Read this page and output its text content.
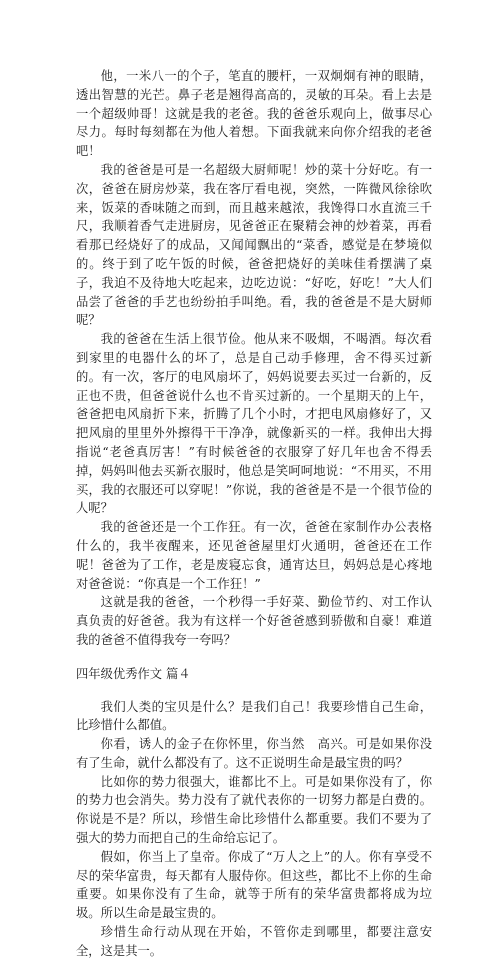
他，一米八一的个子，笔直的腰杆，一双炯炯有神的眼睛，透出智慧的光芒。鼻子老是翘得高高的，灵敏的耳朵。看上去是一个超级帅哥！这就是我的老爸。我的爸爸乐观向上，做事尽心尽力。每时每刻都在为他人着想。下面我就来向你介绍我的老爸吧！

我的爸爸是可是一名超级大厨师呢！炒的菜十分好吃。有一次，爸爸在厨房炒菜，我在客厅看电视，突然，一阵微风徐徐吹来，饭菜的香味随之而到，而且越来越浓，我馋得口水直流三千尺，我顺着香气走进厨房，见爸爸正在聚精会神的炒着菜，再看看那已经烧好了的成品，又闻闻飘出的“菜香，感觉是在梦境似的。终于到了吃午饭的时候，爸爸把烧好的美味佳肴摆满了桌子，我迫不及待地大吃起来，边吃边说：“好吃，好吃！”大人们品尝了爸爸的手艺也纷纷拍手叫绝。看，我的爸爸是不是大厨师呢？

我的爸爸在生活上很节俭。他从来不吸烟，不喝酒。每次看到家里的电器什么的坏了，总是自己动手修理，舍不得买过新的。有一次，客厅的电风扇坏了，妈妈说要去买过一台新的，反正也不贵，但爸爸说什么也不肯买过新的。一个星期天的上午，爸爸把电风扇折下来，折腾了几个小时，才把电风扇修好了，又把风扇的里里外外擦得干干净净，就像新买的一样。我伸出大拇指说“老爸真厉害！”有时候爸爸的衣服穿了好几年也舍不得丢掉，妈妈叫他去买新衣服时，他总是笑呵呵地说：“不用买，不用买，我的衣服还可以穿呢！”你说，我的爸爸是不是一个很节俭的人呢？

我的爸爸还是一个工作狂。有一次，爸爸在家制作办公表格什么的，我半夜醒来，还见爸爸屋里灯火通明，爸爸还在工作呢！爸爸为了工作，老是废寝忘食，通宵达旦，妈妈总是心疼地对爸爸说：“你真是一个工作狂！”

这就是我的爸爸，一个秒得一手好菜、勤俭节约、对工作认真负责的好爸爸。我为有这样一个好爸爸感到骄傲和自豪！难道我的爸爸不值得我夸一夸吗？

四年级优秀作文 篇４

我们人类的宝贝是什么？是我们自己！我要珍惜自己生命，比珍惜什么都值。

你看，诱人的金子在你怀里，你当然　高兴。可是如果你没有了生命，就什么都没有了。这不正说明生命是最宝贵的吗？

比如你的势力很强大，谁都比不上。可是如果你没有了，你的势力也会消失。势力没有了就代表你的一切努力都是白费的。你说是不是？所以，珍惜生命比珍惜什么都重要。我们不要为了强大的势力而把自己的生命给忘记了。

假如，你当上了皇帝。你成了“万人之上”的人。你有享受不尽的荣华富贵，每天都有人服侍你。但这些，都比不上你的生命重要。如果你没有了生命，就等于所有的荣华富贵都将成为垃圾。所以生命是最宝贵的。

珍惜生命行动从现在开始，不管你走到哪里，都要注意安全，这是其一。
